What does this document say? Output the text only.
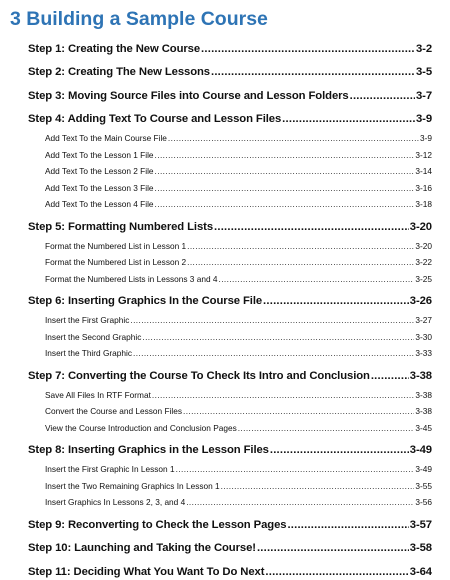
3 Building a Sample Course
Step 1: Creating the New Course .....	3-2
Step 2: Creating The New Lessons .....	3-5
Step 3: Moving Source Files into Course and Lesson Folders .....	3-7
Step 4: Adding Text To Course and Lesson Files .....	3-9
Add Text To the Main Course File .....	3-9
Add Text To the Lesson 1 File .....	3-12
Add Text To the Lesson 2 File .....	3-14
Add Text To the Lesson 3 File .....	3-16
Add Text To the Lesson 4 File .....	3-18
Step 5: Formatting Numbered Lists .....	3-20
Format the Numbered List in Lesson 1 .....	3-20
Format the Numbered List in Lesson 2 .....	3-22
Format the Numbered Lists in Lessons 3 and 4 .....	3-25
Step 6: Inserting Graphics In the Course File .....	3-26
Insert the First Graphic .....	3-27
Insert the Second Graphic .....	3-30
Insert the Third Graphic .....	3-33
Step 7: Converting the Course To Check Its Intro and Conclusion .....	3-38
Save All Files In RTF Format .....	3-38
Convert the Course and Lesson Files .....	3-38
View the Course Introduction and Conclusion Pages .....	3-45
Step 8: Inserting Graphics in the Lesson Files .....	3-49
Insert the First Graphic In Lesson 1 .....	3-49
Insert the Two Remaining Graphics In Lesson 1 .....	3-55
Insert Graphics In Lessons 2, 3, and 4 .....	3-56
Step 9: Reconverting to Check the Lesson Pages .....	3-57
Step 10: Launching and Taking the Course! .....	3-58
Step 11: Deciding What You Want To Do Next .....	3-64
